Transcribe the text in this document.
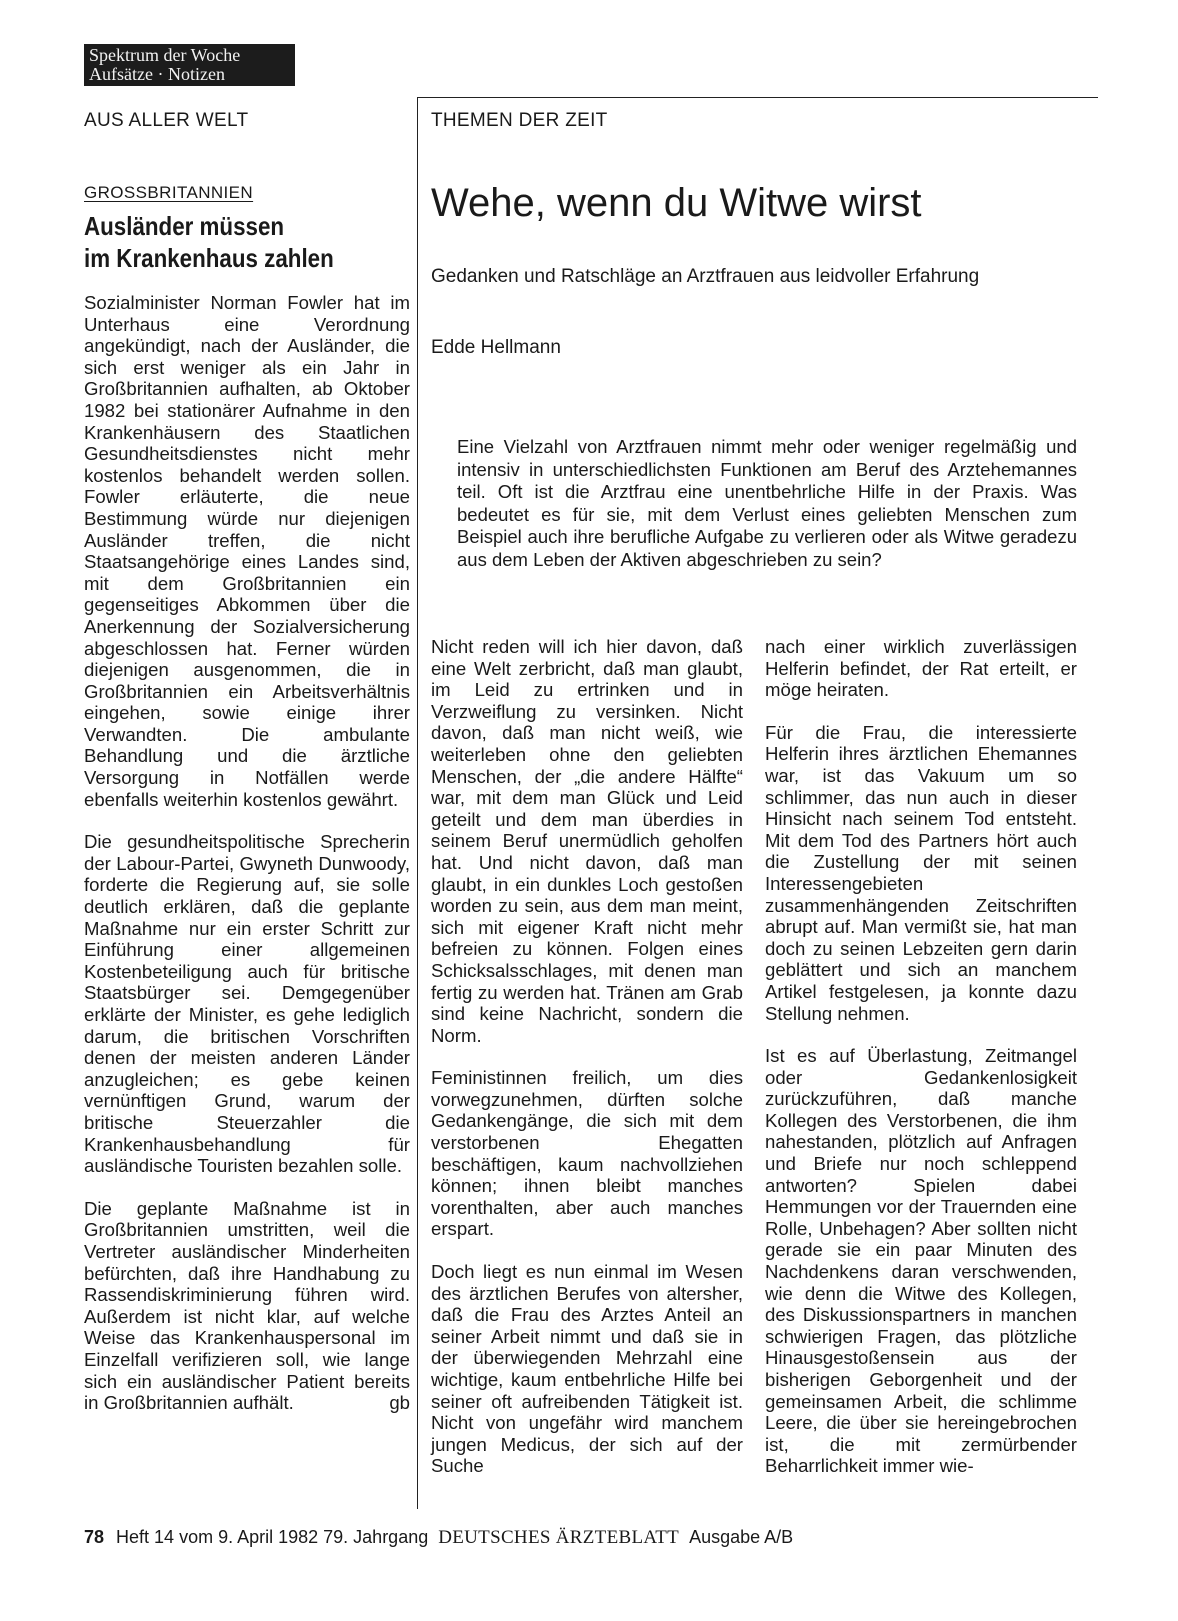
Spektrum der Woche
Aufsätze · Notizen
AUS ALLER WELT	THEMEN DER ZEIT
GROSSBRITANNIEN
Ausländer müssen
im Krankenhaus zahlen

Sozialminister Norman Fowler hat im Unterhaus eine Verordnung angekündigt, nach der Ausländer, die sich erst weniger als ein Jahr in Großbritannien aufhalten, ab Oktober 1982 bei stationärer Aufnahme in den Krankenhäusern des Staatlichen Gesundheitsdienstes nicht mehr kostenlos behandelt werden sollen. Fowler erläuterte, die neue Bestimmung würde nur diejenigen Ausländer treffen, die nicht Staatsangehörige eines Landes sind, mit dem Großbritannien ein gegenseitiges Abkommen über die Anerkennung der Sozialversicherung abgeschlossen hat. Ferner würden diejenigen ausgenommen, die in Großbritannien ein Arbeitsverhältnis eingehen, sowie einige ihrer Verwandten. Die ambulante Behandlung und die ärztliche Versorgung in Notfällen werde ebenfalls weiterhin kostenlos gewährt.

Die gesundheitspolitische Sprecherin der Labour-Partei, Gwyneth Dunwoody, forderte die Regierung auf, sie solle deutlich erklären, daß die geplante Maßnahme nur ein erster Schritt zur Einführung einer allgemeinen Kostenbeteiligung auch für britische Staatsbürger sei. Demgegenüber erklärte der Minister, es gehe lediglich darum, die britischen Vorschriften denen der meisten anderen Länder anzugleichen; es gebe keinen vernünftigen Grund, warum der britische Steuerzahler die Krankenhausbehandlung für ausländische Touristen bezahlen solle.

Die geplante Maßnahme ist in Großbritannien umstritten, weil die Vertreter ausländischer Minderheiten befürchten, daß ihre Handhabung zu Rassendiskriminierung führen wird. Außerdem ist nicht klar, auf welche Weise das Krankenhauspersonal im Einzelfall verifizieren soll, wie lange sich ein ausländischer Patient bereits in Großbritannien aufhält.	gb

Wehe, wenn du Witwe wirst
Gedanken und Ratschläge an Arztfrauen aus leidvoller Erfahrung
Edde Hellmann
Eine Vielzahl von Arztfrauen nimmt mehr oder weniger regelmäßig und intensiv in unterschiedlichsten Funktionen am Beruf des Arztehemannes teil. Oft ist die Arztfrau eine unentbehrliche Hilfe in der Praxis. Was bedeutet es für sie, mit dem Verlust eines geliebten Menschen zum Beispiel auch ihre berufliche Aufgabe zu verlieren oder als Witwe geradezu aus dem Leben der Aktiven abgeschrieben zu sein?

Nicht reden will ich hier davon, daß eine Welt zerbricht, daß man glaubt, im Leid zu ertrinken und in Verzweiflung zu versinken. Nicht davon, daß man nicht weiß, wie weiterleben ohne den geliebten Menschen, der „die andere Hälfte“ war, mit dem man Glück und Leid geteilt und dem man überdies in seinem Beruf unermüdlich geholfen hat. Und nicht davon, daß man glaubt, in ein dunkles Loch gestoßen worden zu sein, aus dem man meint, sich mit eigener Kraft nicht mehr befreien zu können. Folgen eines Schicksalsschlages, mit denen man fertig zu werden hat. Tränen am Grab sind keine Nachricht, sondern die Norm.

Feministinnen freilich, um dies vorwegzunehmen, dürften solche Gedankengänge, die sich mit dem verstorbenen Ehegatten beschäftigen, kaum nachvollziehen können; ihnen bleibt manches vorenthalten, aber auch manches erspart.

Doch liegt es nun einmal im Wesen des ärztlichen Berufes von altersher, daß die Frau des Arztes Anteil an seiner Arbeit nimmt und daß sie in der überwiegenden Mehrzahl eine wichtige, kaum entbehrliche Hilfe bei seiner oft aufreibenden Tätigkeit ist. Nicht von ungefähr wird manchem jungen Medicus, der sich auf der Suche

nach einer wirklich zuverlässigen Helferin befindet, der Rat erteilt, er möge heiraten.

Für die Frau, die interessierte Helferin ihres ärztlichen Ehemannes war, ist das Vakuum um so schlimmer, das nun auch in dieser Hinsicht nach seinem Tod entsteht. Mit dem Tod des Partners hört auch die Zustellung der mit seinen Interessengebieten zusammenhängenden Zeitschriften abrupt auf. Man vermißt sie, hat man doch zu seinen Lebzeiten gern darin geblättert und sich an manchem Artikel festgelesen, ja konnte dazu Stellung nehmen.

Ist es auf Überlastung, Zeitmangel oder Gedankenlosigkeit zurückzuführen, daß manche Kollegen des Verstorbenen, die ihm nahestanden, plötzlich auf Anfragen und Briefe nur noch schleppend antworten? Spielen dabei Hemmungen vor der Trauernden eine Rolle, Unbehagen? Aber sollten nicht gerade sie ein paar Minuten des Nachdenkens daran verschwenden, wie denn die Witwe des Kollegen, des Diskussionspartners in manchen schwierigen Fragen, das plötzliche Hinausgestoßensein aus der bisherigen Geborgenheit und der gemeinsamen Arbeit, die schlimme Leere, die über sie hereingebrochen ist, die mit zermürbender Beharrlichkeit immer wie-

78 Heft 14 vom 9. April 1982 79. Jahrgang DEUTSCHES ÄRZTEBLATT Ausgabe A/B
